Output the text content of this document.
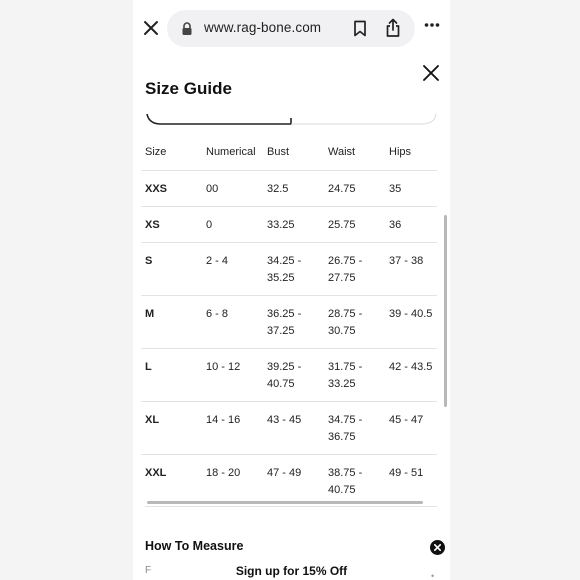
www.rag-bone.com
Size Guide
Size	Numerical	Bust	Waist	Hips
XXS	00	32.5	24.75	35
XS	0	33.25	25.75	36
S	2 - 4	34.25 - 35.25	26.75 - 27.75	37 - 38
M	6 - 8	36.25 - 37.25	28.75 - 30.75	39 - 40.5
L	10 - 12	39.25 - 40.75	31.75 - 33.25	42 - 43.5
XL	14 - 16	43 - 45	34.75 - 36.75	45 - 47
XXL	18 - 20	47 - 49	38.75 - 40.75	49 - 51
How To Measure
F	Sign up for 15% Off	•
